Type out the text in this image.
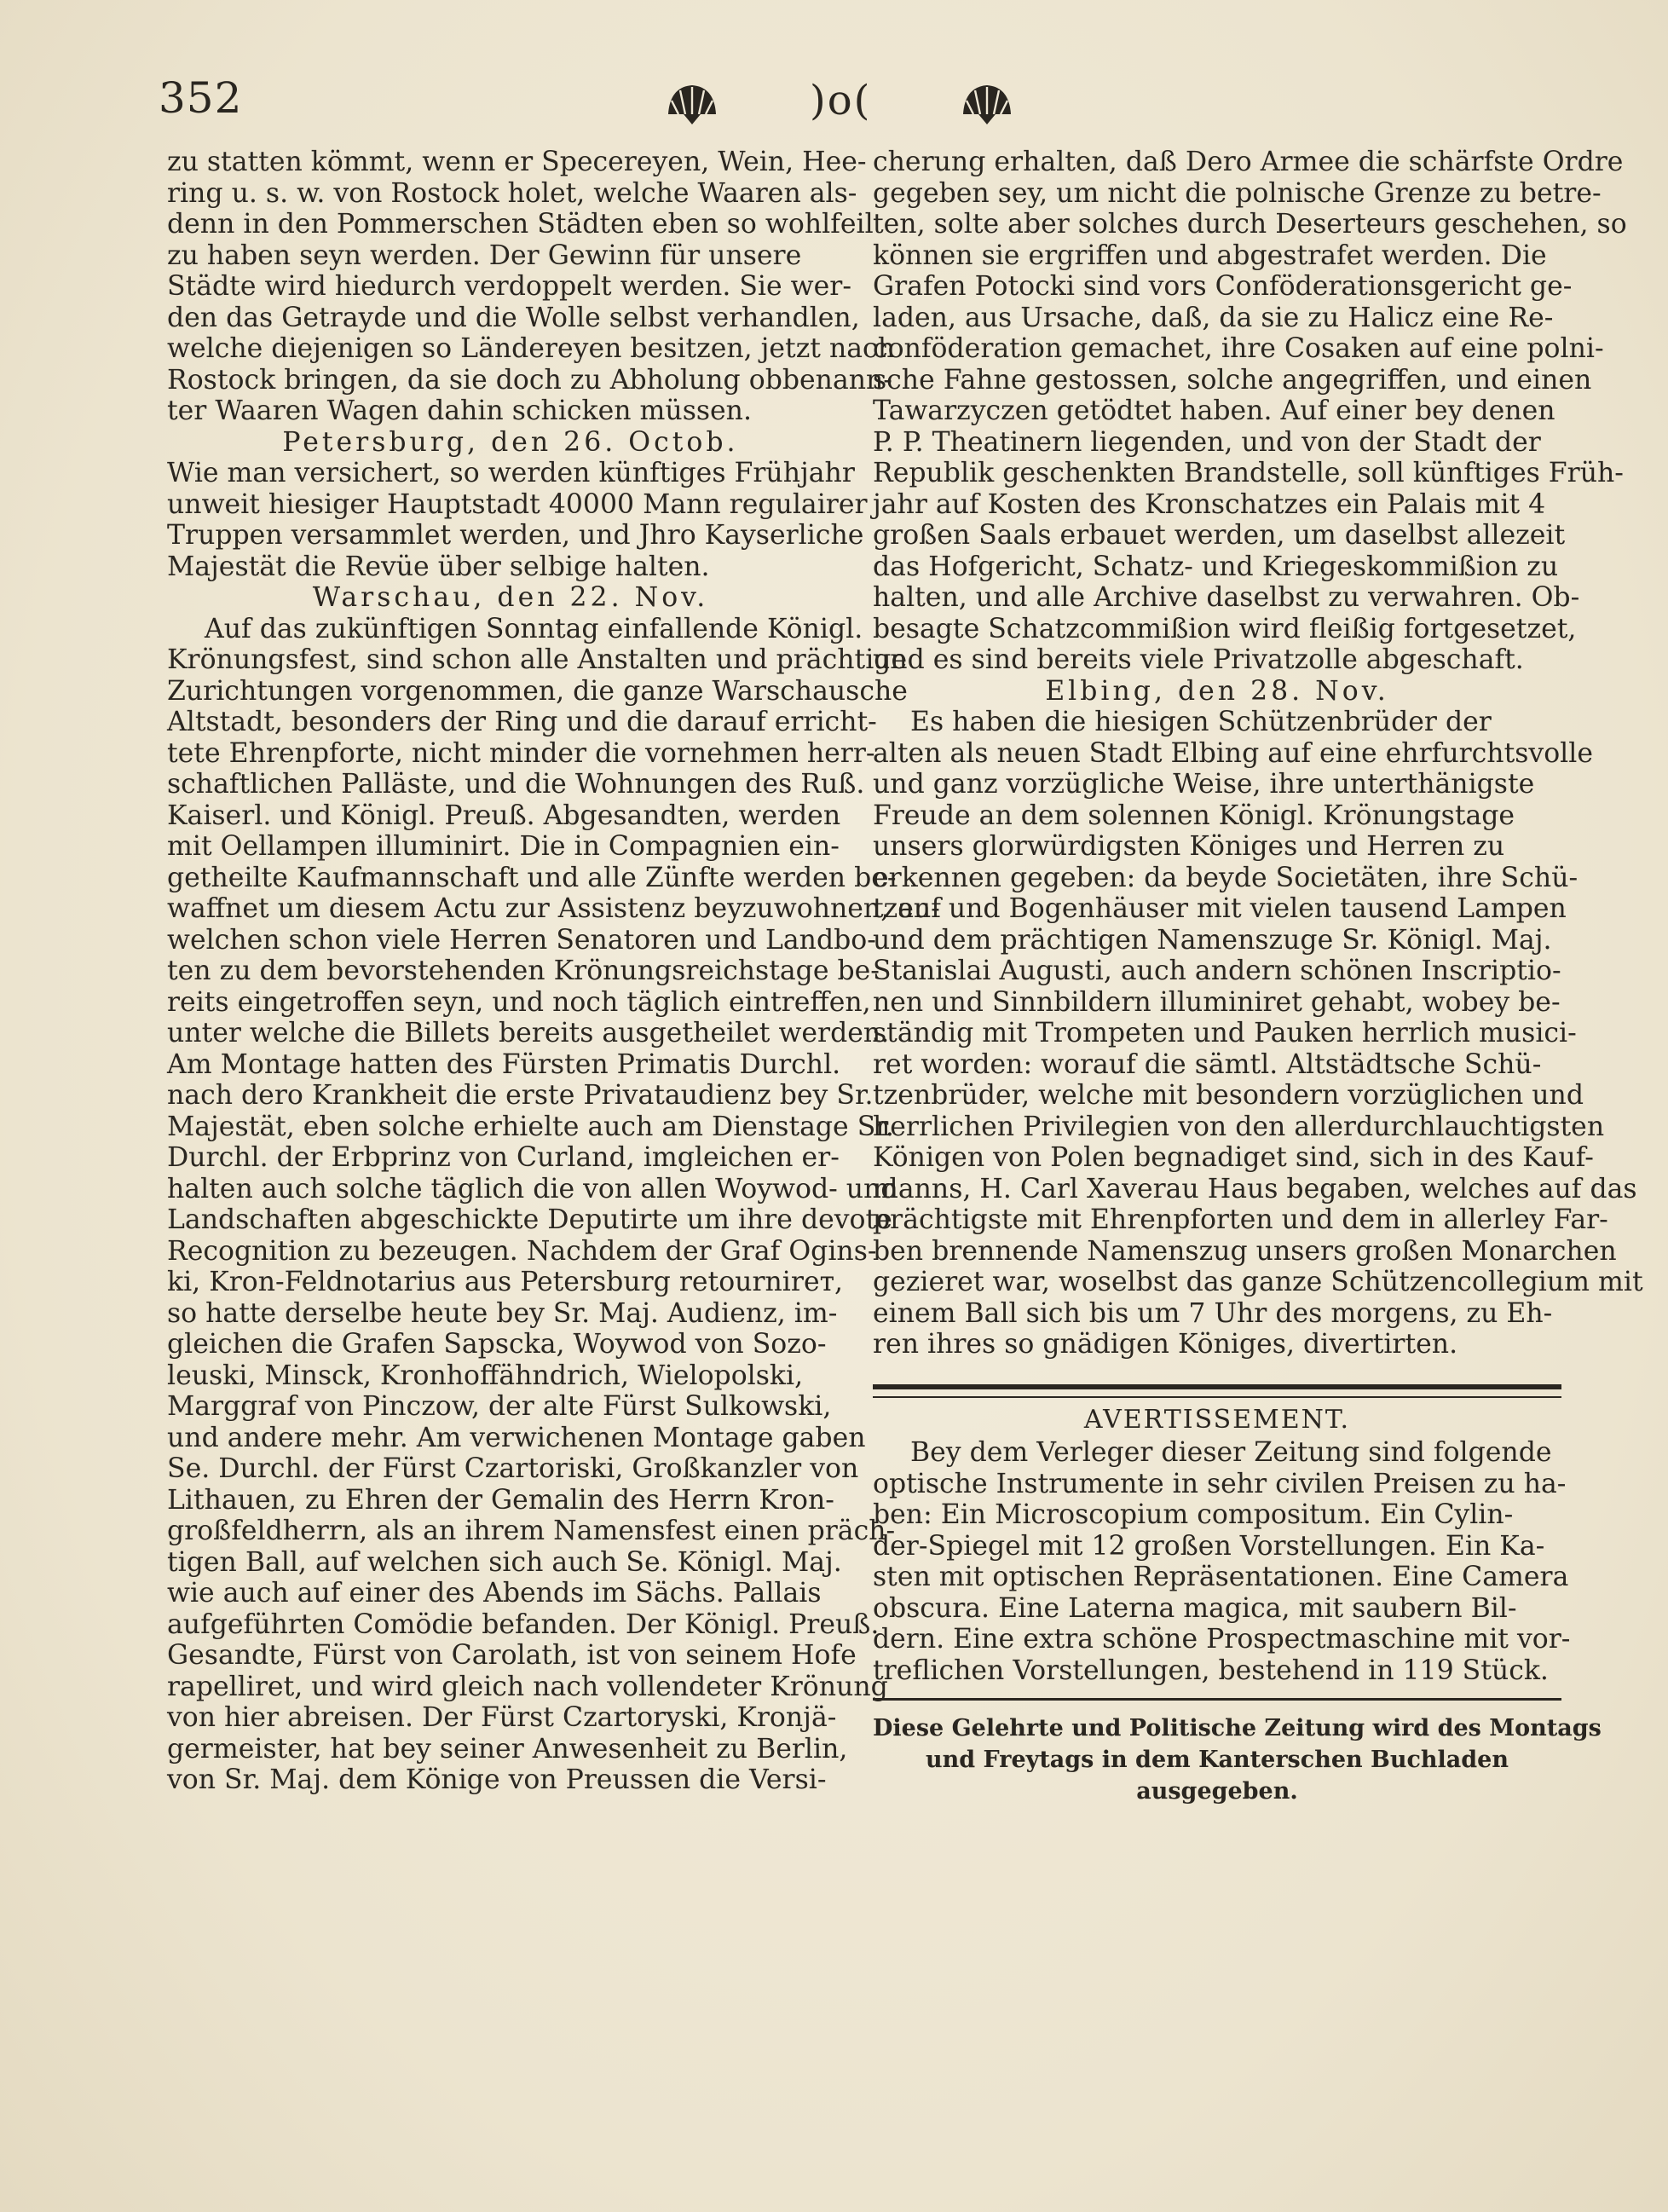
352	)o(
zu statten kömmt, wenn er Specereyen, Wein, Hee-
ring u. s. w. von Rostock holet, welche Waaren als-
denn in den Pommerschen Städten eben so wohlfeil
zu haben seyn werden. Der Gewinn für unsere
Städte wird hiedurch verdoppelt werden. Sie wer-
den das Getrayde und die Wolle selbst verhandlen,
welche diejenigen so Ländereyen besitzen, jetzt nach
Rostock bringen, da sie doch zu Abholung obbenann-
ter Waaren Wagen dahin schicken müssen.
Petersburg, den 26. Octob.
Wie man versichert, so werden künftiges Frühjahr
unweit hiesiger Hauptstadt 40000 Mann regulairer
Truppen versammlet werden, und Jhro Kayserliche
Majestät die Revüe über selbige halten.
Warschau, den 22. Nov.
Auf das zukünftigen Sonntag einfallende Königl.
Krönungsfest, sind schon alle Anstalten und prächtige
Zurichtungen vorgenommen, die ganze Warschausche
Altstadt, besonders der Ring und die darauf erricht-
tete Ehrenpforte, nicht minder die vornehmen herr-
schaftlichen Palläste, und die Wohnungen des Ruß.
Kaiserl. und Königl. Preuß. Abgesandten, werden
mit Oellampen illuminirt. Die in Compagnien ein-
getheilte Kaufmannschaft und alle Zünfte werden be-
waffnet um diesem Actu zur Assistenz beyzuwohnen, auf
welchen schon viele Herren Senatoren und Landbo-
ten zu dem bevorstehenden Krönungsreichstage be-
reits eingetroffen seyn, und noch täglich eintreffen,
unter welche die Billets bereits ausgetheilet werden.
Am Montage hatten des Fürsten Primatis Durchl.
nach dero Krankheit die erste Privataudienz bey Sr.
Majestät, eben solche erhielte auch am Dienstage Sr.
Durchl. der Erbprinz von Curland, imgleichen er-
halten auch solche täglich die von allen Woywod- und
Landschaften abgeschickte Deputirte um ihre devote
Recognition zu bezeugen. Nachdem der Graf Ogins-
ki, Kron-Feldnotarius aus Petersburg retournirет,
so hatte derselbe heute bey Sr. Maj. Audienz, im-
gleichen die Grafen Sapscka, Woywod von Sozo-
leuski, Minsck, Kronhoffähndrich, Wielopolski,
Marggraf von Pinczow, der alte Fürst Sulkowski,
und andere mehr. Am verwichenen Montage gaben
Se. Durchl. der Fürst Czartoriski, Großkanzler von
Lithauen, zu Ehren der Gemalin des Herrn Kron-
großfeldherrn, als an ihrem Namensfest einen präch-
tigen Ball, auf welchen sich auch Se. Königl. Maj.
wie auch auf einer des Abends im Sächs. Pallais
aufgeführten Comödie befanden. Der Königl. Preuß.
Gesandte, Fürst von Carolath, ist von seinem Hofe
rapelliret, und wird gleich nach vollendeter Krönung
von hier abreisen. Der Fürst Czartoryski, Kronjä-
germeister, hat bey seiner Anwesenheit zu Berlin,
von Sr. Maj. dem Könige von Preussen die Versi-
cherung erhalten, daß Dero Armee die schärfste Ordre
gegeben sey, um nicht die polnische Grenze zu betre-
ten, solte aber solches durch Deserteurs geschehen, so
können sie ergriffen und abgestrafet werden. Die
Grafen Potocki sind vors Conföderationsgericht ge-
laden, aus Ursache, daß, da sie zu Halicz eine Re-
conföderation gemachet, ihre Cosaken auf eine polni-
sche Fahne gestossen, solche angegriffen, und einen
Tawarzyczen getödtet haben. Auf einer bey denen
P. P. Theatinern liegenden, und von der Stadt der
Republik geschenkten Brandstelle, soll künftiges Früh-
jahr auf Kosten des Kronschatzes ein Palais mit 4
großen Saals erbauet werden, um daselbst allezeit
das Hofgericht, Schatz- und Kriegeskommißion zu
halten, und alle Archive daselbst zu verwahren. Ob-
besagte Schatzcommißion wird fleißig fortgesetzet,
und es sind bereits viele Privatzolle abgeschaft.
Elbing, den 28. Nov.
Es haben die hiesigen Schützenbrüder der
alten als neuen Stadt Elbing auf eine ehrfurchtsvolle
und ganz vorzügliche Weise, ihre unterthänigste
Freude an dem solennen Königl. Krönungstage
unsers glorwürdigsten Königes und Herren zu
erkennen gegeben: da beyde Societäten, ihre Schü-
tzen- und Bogenhäuser mit vielen tausend Lampen
und dem prächtigen Namenszuge Sr. Königl. Maj.
Stanislai Augusti, auch andern schönen Inscriptio-
nen und Sinnbildern illuminiret gehabt, wobey be-
ständig mit Trompeten und Pauken herrlich musici-
ret worden: worauf die sämtl. Altstädtsche Schü-
tzenbrüder, welche mit besondern vorzüglichen und
herrlichen Privilegien von den allerdurchlauchtigsten
Königen von Polen begnadiget sind, sich in des Kauf-
manns, H. Carl Xaverau Haus begaben, welches auf das
prächtigste mit Ehrenpforten und dem in allerley Far-
ben brennende Namenszug unsers großen Monarchen
gezieret war, woselbst das ganze Schützencollegium mit
einem Ball sich bis um 7 Uhr des morgens, zu Eh-
ren ihres so gnädigen Königes, divertirten.
AVERTISSEMENT.
Bey dem Verleger dieser Zeitung sind folgende
optische Instrumente in sehr civilen Preisen zu ha-
ben: Ein Microscopium compositum. Ein Cylin-
der-Spiegel mit 12 großen Vorstellungen. Ein Ka-
sten mit optischen Repräsentationen. Eine Camera
obscura. Eine Laterna magica, mit saubern Bil-
dern. Eine extra schöne Prospectmaschine mit vor-
treflichen Vorstellungen, bestehend in 119 Stück.
Diese Gelehrte und Politische Zeitung wird des Montags
und Freytags in dem Kanterschen Buchladen
ausgegeben.
